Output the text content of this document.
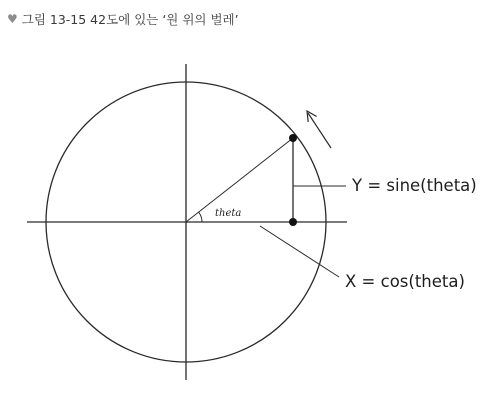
♥ 그림 13-15 42도에 있는 ‘원 위의 벌레’
theta
Y = sine(theta)
X = cos(theta)
